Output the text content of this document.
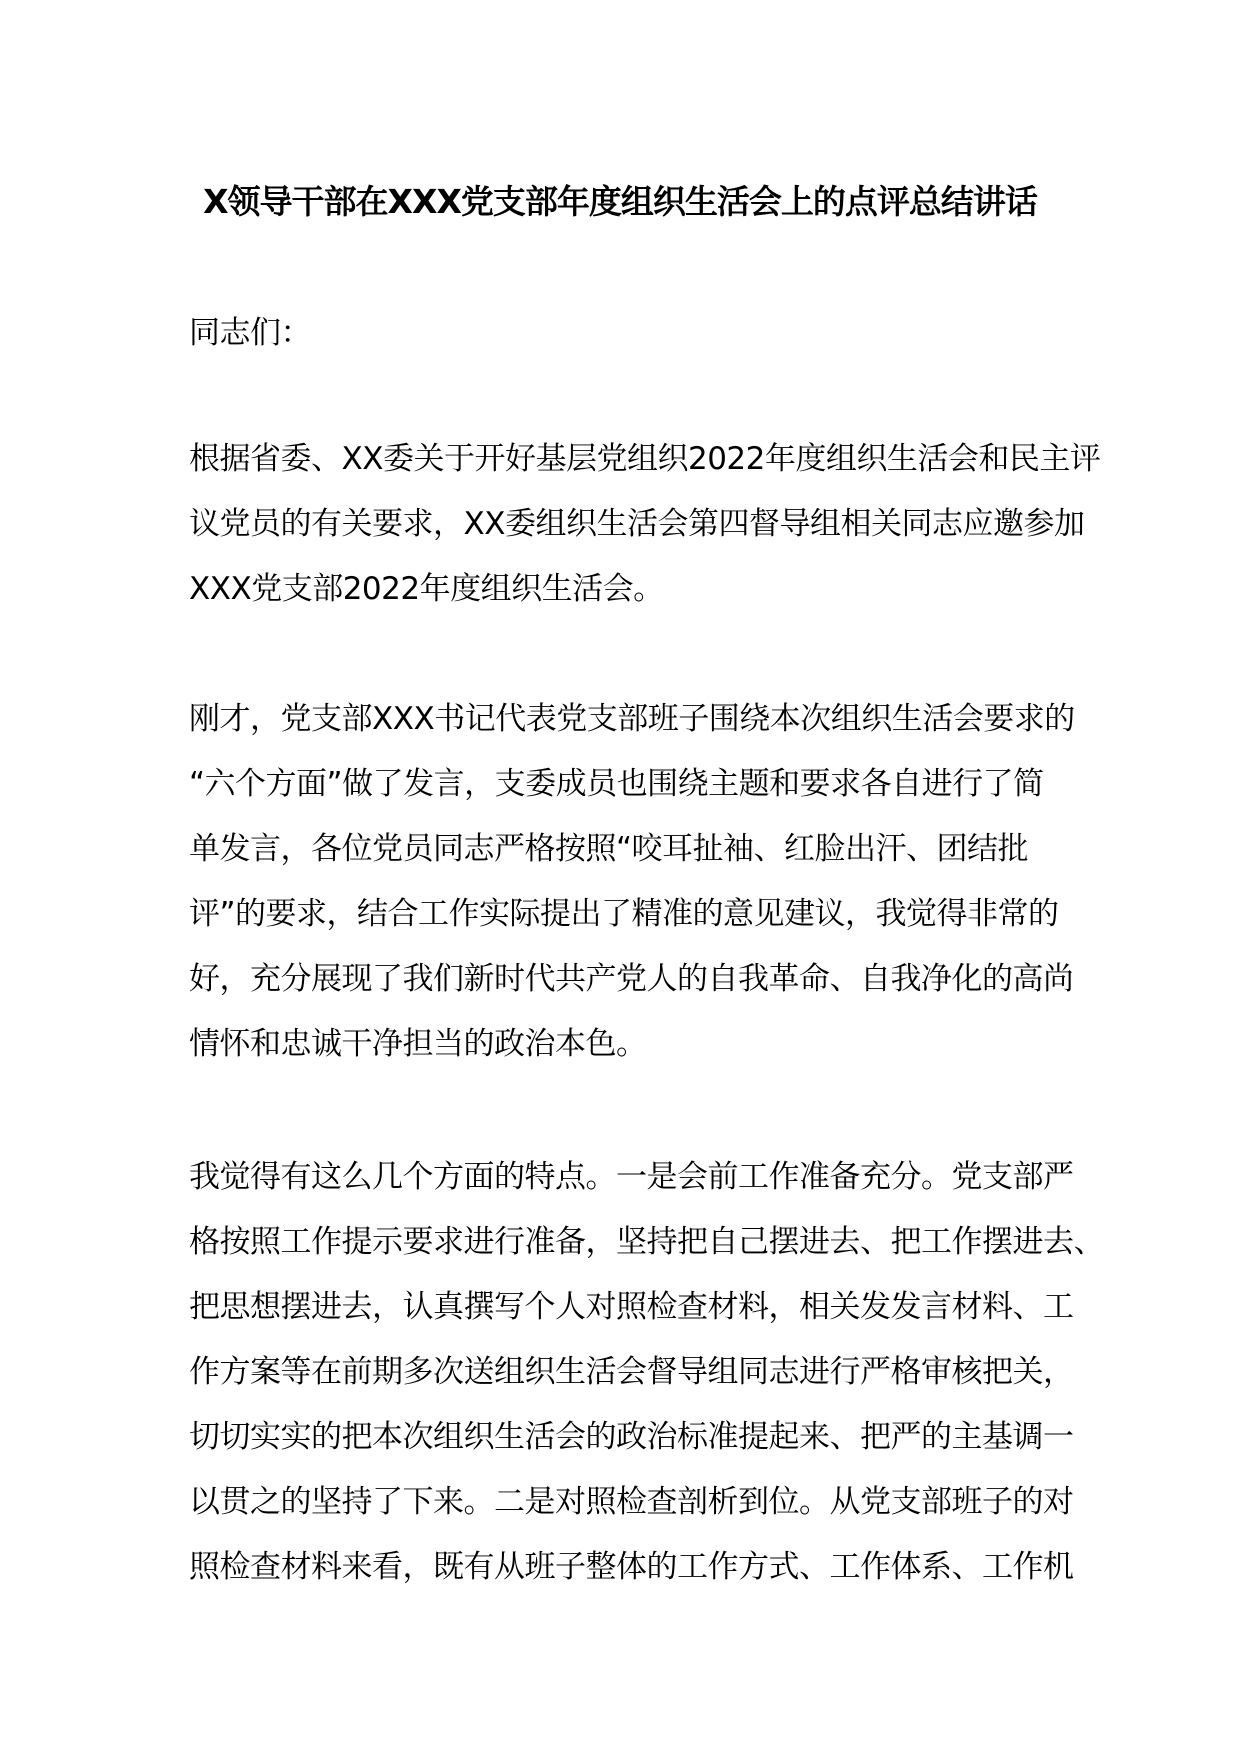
X领导干部在XXX党支部年度组织生活会上的点评总结讲话
同志们：
根据省委、XX委关于开好基层党组织2022年度组织生活会和民主评
议党员的有关要求，XX委组织生活会第四督导组相关同志应邀参加
XXX党支部2022年度组织生活会。
刚才，党支部XXX书记代表党支部班子围绕本次组织生活会要求的
“六个方面”做了发言，支委成员也围绕主题和要求各自进行了简
单发言，各位党员同志严格按照“咬耳扯袖、红脸出汗、团结批
评”的要求，结合工作实际提出了精准的意见建议，我觉得非常的
好，充分展现了我们新时代共产党人的自我革命、自我净化的高尚
情怀和忠诚干净担当的政治本色。
我觉得有这么几个方面的特点。一是会前工作准备充分。党支部严
格按照工作提示要求进行准备，坚持把自己摆进去、把工作摆进去、
把思想摆进去，认真撰写个人对照检查材料，相关发发言材料、工
作方案等在前期多次送组织生活会督导组同志进行严格审核把关，
切切实实的把本次组织生活会的政治标准提起来、把严的主基调一
以贯之的坚持了下来。二是对照检查剖析到位。从党支部班子的对
照检查材料来看，既有从班子整体的工作方式、工作体系、工作机
